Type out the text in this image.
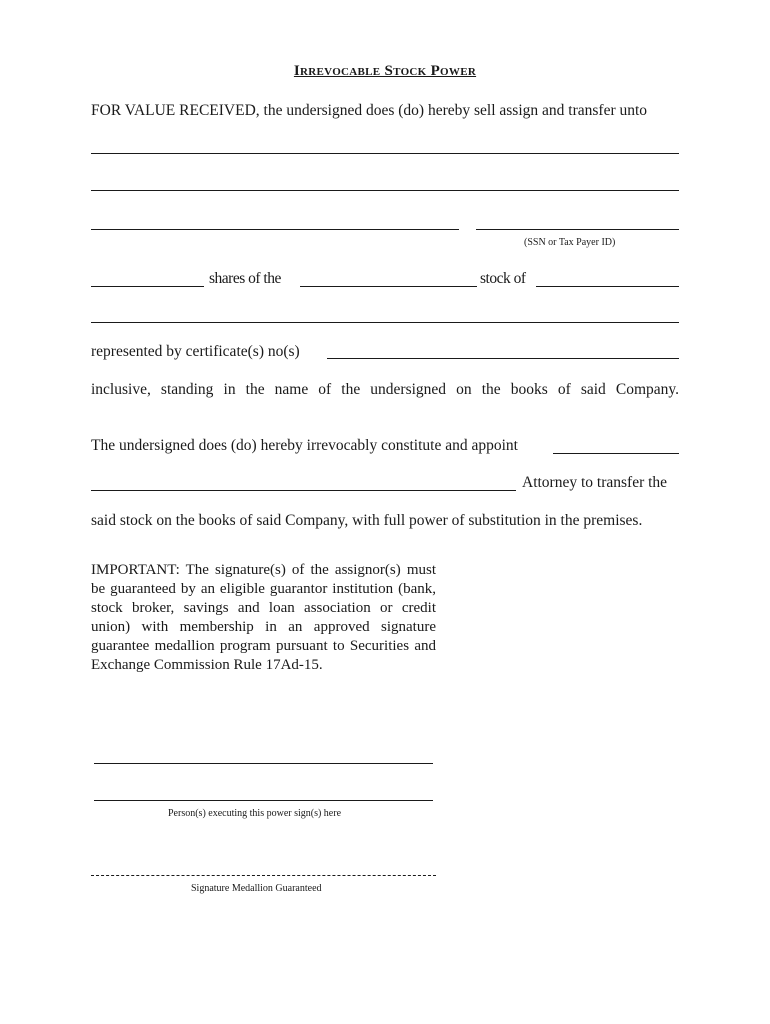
Irrevocable Stock Power
FOR VALUE RECEIVED, the undersigned does (do) hereby sell assign and transfer unto
(SSN or Tax Payer ID)
shares of the	stock of
represented by certificate(s) no(s)
inclusive, standing in the name of the undersigned on the books of said Company.
The undersigned does (do) hereby irrevocably constitute and appoint
Attorney to transfer the
said stock on the books of said Company, with full power of substitution in the premises.
IMPORTANT: The signature(s) of the assignor(s) must be guaranteed by an eligible guarantor institution (bank, stock broker, savings and loan association or credit union) with membership in an approved signature guarantee medallion program pursuant to Securities and Exchange Commission Rule 17Ad-15.
Person(s) executing this power sign(s) here
Signature Medallion Guaranteed
